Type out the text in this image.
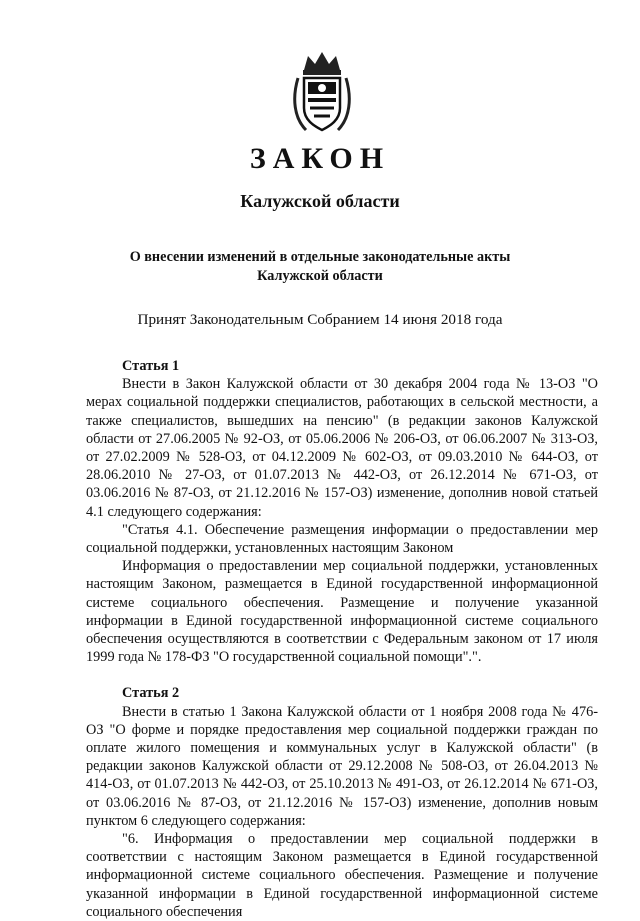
ЗАКОН
Калужской области
О внесении изменений в отдельные законодательные акты
Калужской области
Принят Законодательным Собранием 14 июня 2018 года
Статья 1

Внести в Закон Калужской области от 30 декабря 2004 года № 13-ОЗ "О мерах социальной поддержки специалистов, работающих в сельской местности, а также специалистов, вышедших на пенсию" (в редакции законов Калужской области от 27.06.2005 № 92-ОЗ, от 05.06.2006 № 206-ОЗ, от 06.06.2007 № 313-ОЗ, от 27.02.2009 № 528-ОЗ, от 04.12.2009 № 602-ОЗ, от 09.03.2010 № 644-ОЗ, от 28.06.2010 № 27-ОЗ, от 01.07.2013 № 442-ОЗ, от 26.12.2014 № 671-ОЗ, от 03.06.2016 № 87-ОЗ, от 21.12.2016 № 157-ОЗ) изменение, дополнив новой статьей 4.1 следующего содержания:

"Статья 4.1. Обеспечение размещения информации о предоставлении мер социальной поддержки, установленных настоящим Законом

Информация о предоставлении мер социальной поддержки, установленных настоящим Законом, размещается в Единой государственной информационной системе социального обеспечения. Размещение и получение указанной информации в Единой государственной информационной системе социального обеспечения осуществляются в соответствии с Федеральным законом от 17 июля 1999 года № 178-ФЗ "О государственной социальной помощи".".

Статья 2

Внести в статью 1 Закона Калужской области от 1 ноября 2008 года № 476-ОЗ "О форме и порядке предоставления мер социальной поддержки граждан по оплате жилого помещения и коммунальных услуг в Калужской области" (в редакции законов Калужской области от 29.12.2008 № 508-ОЗ, от 26.04.2013 № 414-ОЗ, от 01.07.2013 № 442-ОЗ, от 25.10.2013 № 491-ОЗ, от 26.12.2014 № 671-ОЗ, от 03.06.2016 № 87-ОЗ, от 21.12.2016 № 157-ОЗ) изменение, дополнив новым пунктом 6 следующего содержания:

"6. Информация о предоставлении мер социальной поддержки в соответствии с настоящим Законом размещается в Единой государственной информационной системе социального обеспечения. Размещение и получение указанной информации в Единой государственной информационной системе социального обеспечения
